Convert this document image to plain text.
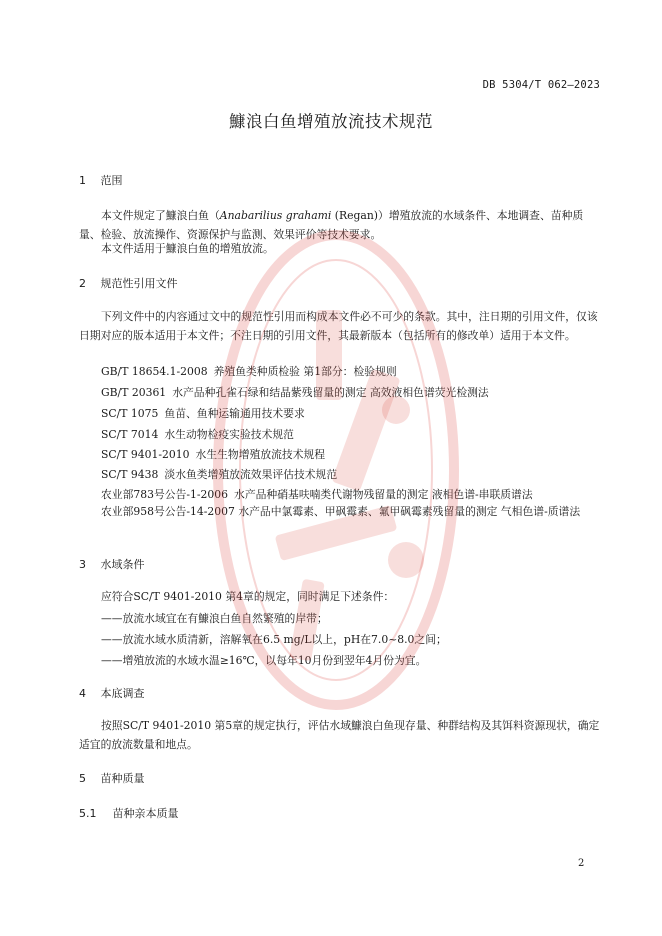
DB 5304/T 062—2023
鱇浪白鱼增殖放流技术规范
1 范围
本文件规定了鱇浪白鱼（Anabarilius grahami (Regan)）增殖放流的水域条件、本地调查、苗种质量、检验、放流操作、资源保护与监测、效果评价等技术要求。
本文件适用于鱇浪白鱼的增殖放流。
2 规范性引用文件
下列文件中的内容通过文中的规范性引用而构成本文件必不可少的条款。其中，注日期的引用文件，仅该日期对应的版本适用于本文件；不注日期的引用文件，其最新版本（包括所有的修改单）适用于本文件。
GB/T 18654.1-2008 养殖鱼类种质检验 第1部分：检验规则
GB/T 20361 水产品种孔雀石绿和结晶紫残留量的测定 高效液相色谱荧光检测法
SC/T 1075 鱼苗、鱼种运输通用技术要求
SC/T 7014 水生动物检疫实验技术规范
SC/T 9401-2010 水生生物增殖放流技术规程
SC/T 9438 淡水鱼类增殖放流效果评估技术规范
农业部783号公告-1-2006 水产品种硝基呋喃类代谢物残留量的测定 液相色谱-串联质谱法
农业部958号公告-14-2007 水产品中氯霉素、甲砜霉素、氟甲砜霉素残留量的测定 气相色谱-质谱法
3 水域条件
应符合SC/T 9401-2010 第4章的规定，同时满足下述条件：
——放流水域宜在有鱇浪白鱼自然繁殖的岸带；
——放流水域水质清新，溶解氧在6.5 mg/L以上，pH在7.0~8.0之间；
——增殖放流的水域水温≥16℃，以每年10月份到翌年4月份为宜。
4 本底调查
按照SC/T 9401-2010 第5章的规定执行，评估水域鱇浪白鱼现存量、种群结构及其饵料资源现状，确定适宜的放流数量和地点。
5 苗种质量
5.1 苗种亲本质量
2
